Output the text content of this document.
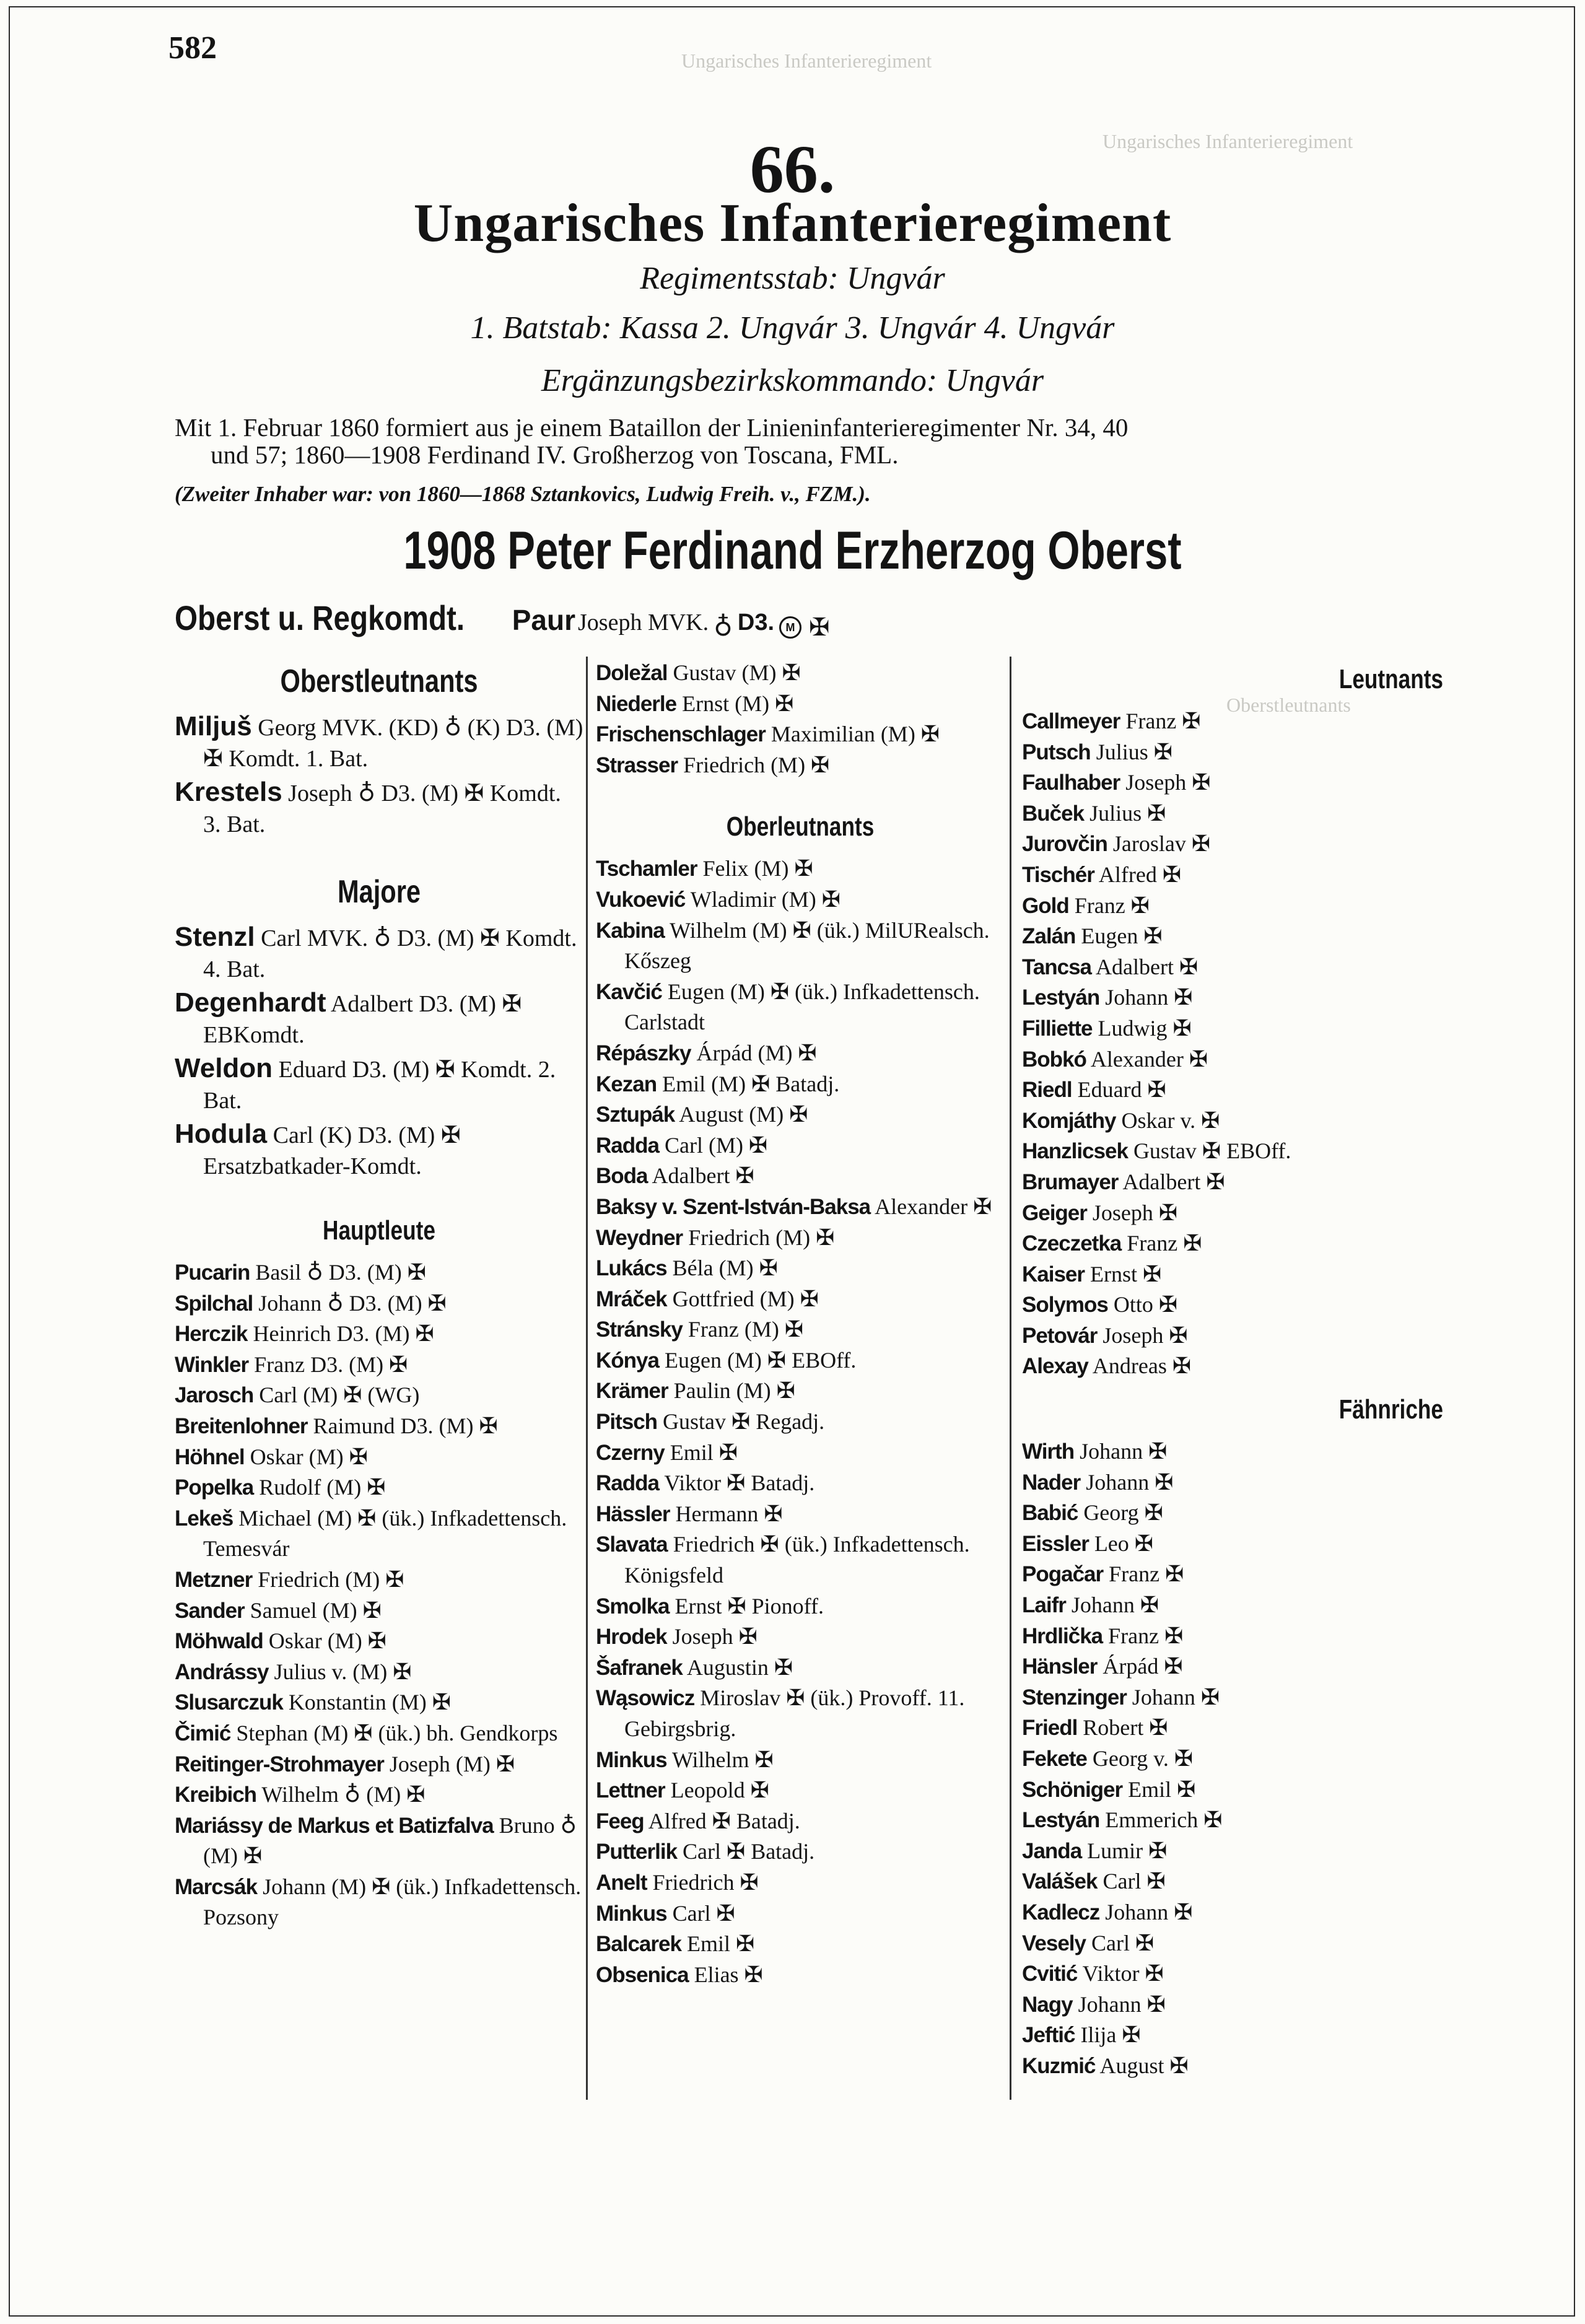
Ungarisches Infanterieregiment
Ungarisches Infanterieregiment
Oberstleutnants
582
66.
Ungarisches Infanterieregiment
Regimentsstab: Ungvár
1. Batstab: Kassa 2. Ungvár 3. Ungvár 4. Ungvár
Ergänzungsbezirkskommando: Ungvár
Mit 1. Februar 1860 formiert aus je einem Bataillon der Linieninfanterieregimenter Nr. 34, 40
und 57; 1860—1908 Ferdinand IV. Großherzog von Toscana, FML.
(Zweiter Inhaber war: von 1860—1868 Sztankovics, Ludwig Freih. v., FZM.).
1908 Peter Ferdinand Erzherzog Oberst
Oberst u. Regkomdt. Paur Joseph MVK. ♁ D3. M ✠
Oberstleutnants
Miljuš Georg MVK. (KD) ♁ (K) D3. (M) ✠ Komdt. 1. Bat.
Krestels Joseph ♁ D3. (M) ✠ Komdt. 3. Bat.
Majore
Stenzl Carl MVK. ♁ D3. (M) ✠ Komdt. 4. Bat.
Degenhardt Adalbert D3. (M) ✠ EBKomdt.
Weldon Eduard D3. (M) ✠ Komdt. 2. Bat.
Hodula Carl (K) D3. (M) ✠ Ersatzbatkader-Komdt.
Hauptleute
Pucarin Basil ♁ D3. (M) ✠
Spilchal Johann ♁ D3. (M) ✠
Herczik Heinrich D3. (M) ✠
Winkler Franz D3. (M) ✠
Jarosch Carl (M) ✠ (WG)
Breitenlohner Raimund D3. (M) ✠
Höhnel Oskar (M) ✠
Popelka Rudolf (M) ✠
Lekeš Michael (M) ✠ (ük.) Infkadettensch. Temesvár
Metzner Friedrich (M) ✠
Sander Samuel (M) ✠
Möhwald Oskar (M) ✠
Andrássy Julius v. (M) ✠
Slusarczuk Konstantin (M) ✠
Čimić Stephan (M) ✠ (ük.) bh. Gendkorps
Reitinger-Strohmayer Joseph (M) ✠
Kreibich Wilhelm ♁ (M) ✠
Mariássy de Markus et Batizfalva Bruno ♁ (M) ✠
Marcsák Johann (M) ✠ (ük.) Infkadettensch. Pozsony
Doležal Gustav (M) ✠
Niederle Ernst (M) ✠
Frischenschlager Maximilian (M) ✠
Strasser Friedrich (M) ✠
Oberleutnants
Tschamler Felix (M) ✠
Vukoević Wladimir (M) ✠
Kabina Wilhelm (M) ✠ (ük.) MilURealsch. Kőszeg
Kavčić Eugen (M) ✠ (ük.) Infkadettensch. Carlstadt
Répászky Árpád (M) ✠
Kezan Emil (M) ✠ Batadj.
Sztupák August (M) ✠
Radda Carl (M) ✠
Boda Adalbert ✠
Baksy v. Szent-István-Baksa Alexander ✠
Weydner Friedrich (M) ✠
Lukács Béla (M) ✠
Mráček Gottfried (M) ✠
Stránsky Franz (M) ✠
Kónya Eugen (M) ✠ EBOff.
Krämer Paulin (M) ✠
Pitsch Gustav ✠ Regadj.
Czerny Emil ✠
Radda Viktor ✠ Batadj.
Hässler Hermann ✠
Slavata Friedrich ✠ (ük.) Infkadettensch. Königsfeld
Smolka Ernst ✠ Pionoff.
Hrodek Joseph ✠
Šafranek Augustin ✠
Wąsowicz Miroslav ✠ (ük.) Provoff. 11. Gebirgsbrig.
Minkus Wilhelm ✠
Lettner Leopold ✠
Feeg Alfred ✠ Batadj.
Putterlik Carl ✠ Batadj.
Anelt Friedrich ✠
Minkus Carl ✠
Balcarek Emil ✠
Obsenica Elias ✠
Leutnants
Callmeyer Franz ✠
Putsch Julius ✠
Faulhaber Joseph ✠
Buček Julius ✠
Jurovčin Jaroslav ✠
Tischér Alfred ✠
Gold Franz ✠
Zalán Eugen ✠
Tancsa Adalbert ✠
Lestyán Johann ✠
Filliette Ludwig ✠
Bobkó Alexander ✠
Riedl Eduard ✠
Komjáthy Oskar v. ✠
Hanzlicsek Gustav ✠ EBOff.
Brumayer Adalbert ✠
Geiger Joseph ✠
Czeczetka Franz ✠
Kaiser Ernst ✠
Solymos Otto ✠
Petovár Joseph ✠
Alexay Andreas ✠
Fähnriche
Wirth Johann ✠
Nader Johann ✠
Babić Georg ✠
Eissler Leo ✠
Pogačar Franz ✠
Laifr Johann ✠
Hrdlička Franz ✠
Hänsler Árpád ✠
Stenzinger Johann ✠
Friedl Robert ✠
Fekete Georg v. ✠
Schöniger Emil ✠
Lestyán Emmerich ✠
Janda Lumir ✠
Valášek Carl ✠
Kadlecz Johann ✠
Vesely Carl ✠
Cvitić Viktor ✠
Nagy Johann ✠
Jeftić Ilija ✠
Kuzmić August ✠
